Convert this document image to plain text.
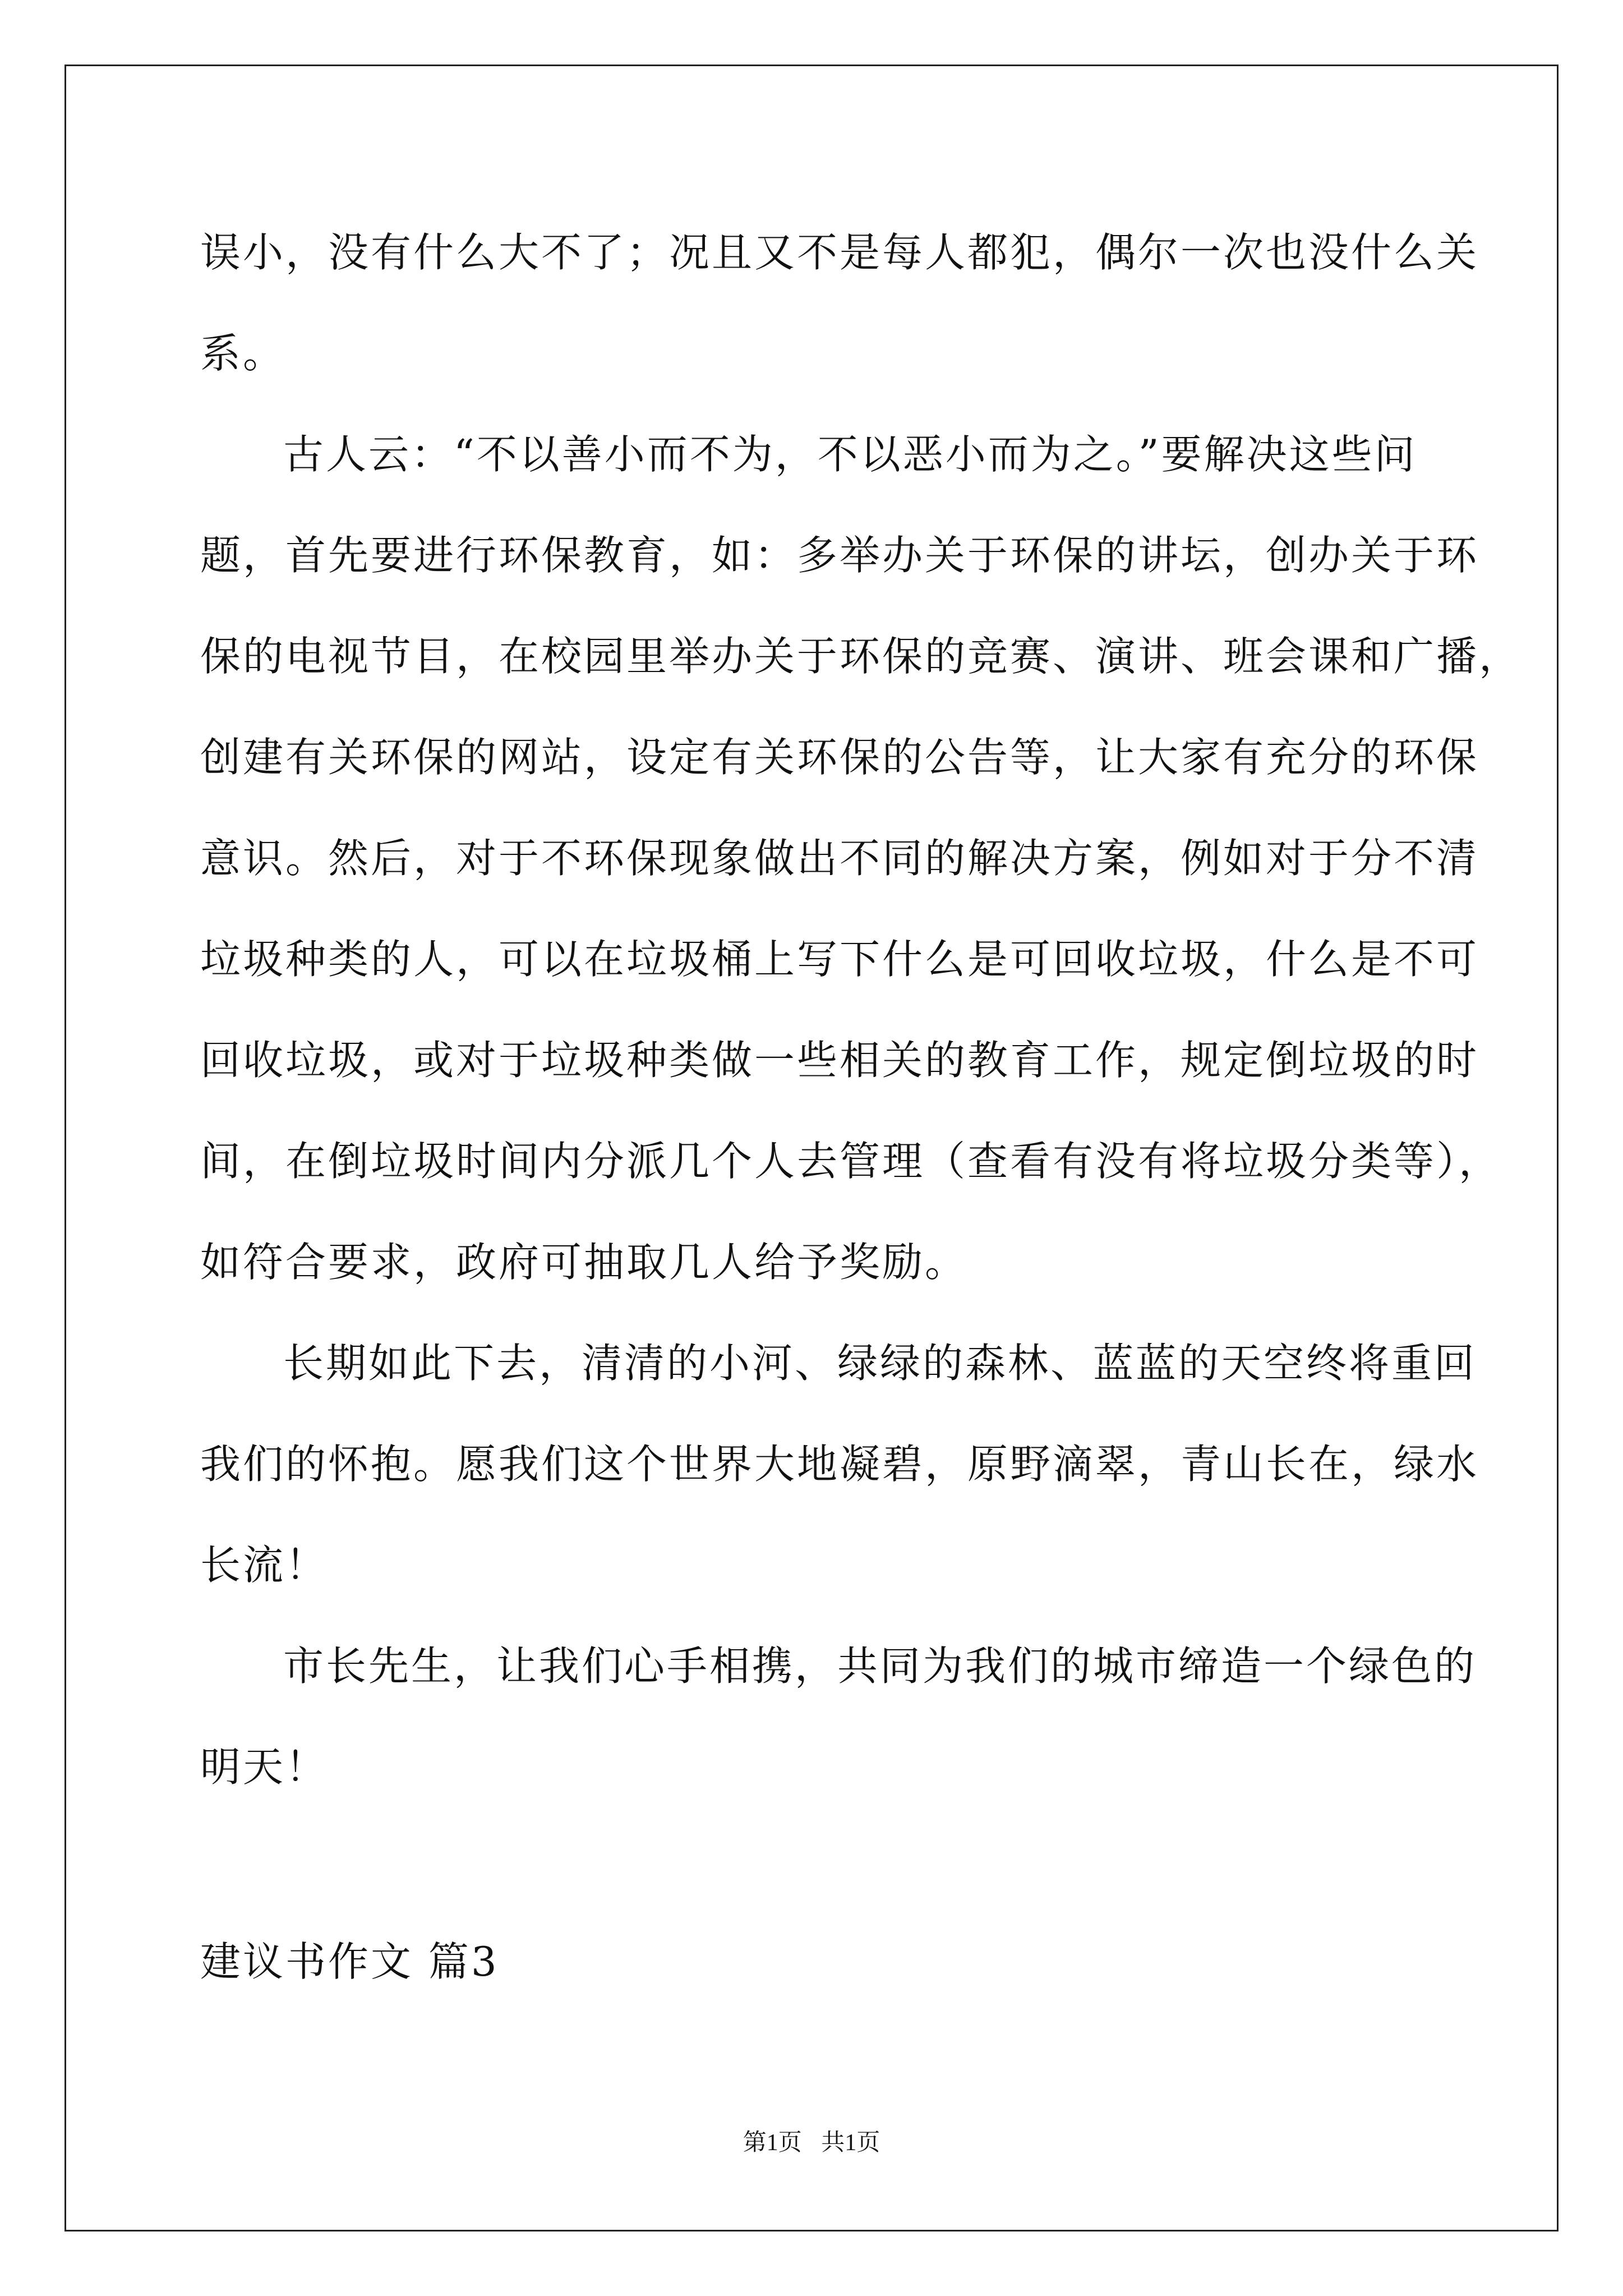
误小，没有什么大不了；况且又不是每人都犯，偶尔一次也没什么关
系。
古人云：“不以善小而不为，不以恶小而为之。”要解决这些问
题，首先要进行环保教育，如：多举办关于环保的讲坛，创办关于环
保的电视节目，在校园里举办关于环保的竞赛、演讲、班会课和广播，
创建有关环保的网站，设定有关环保的公告等，让大家有充分的环保
意识。然后，对于不环保现象做出不同的解决方案，例如对于分不清
垃圾种类的人，可以在垃圾桶上写下什么是可回收垃圾，什么是不可
回收垃圾，或对于垃圾种类做一些相关的教育工作，规定倒垃圾的时
间，在倒垃圾时间内分派几个人去管理（查看有没有将垃圾分类等），
如符合要求，政府可抽取几人给予奖励。
长期如此下去，清清的小河、绿绿的森林、蓝蓝的天空终将重回
我们的怀抱。愿我们这个世界大地凝碧，原野滴翠，青山长在，绿水
长流！
市长先生，让我们心手相携，共同为我们的城市缔造一个绿色的
明天！
建议书作文 篇3
第1页 共1页
